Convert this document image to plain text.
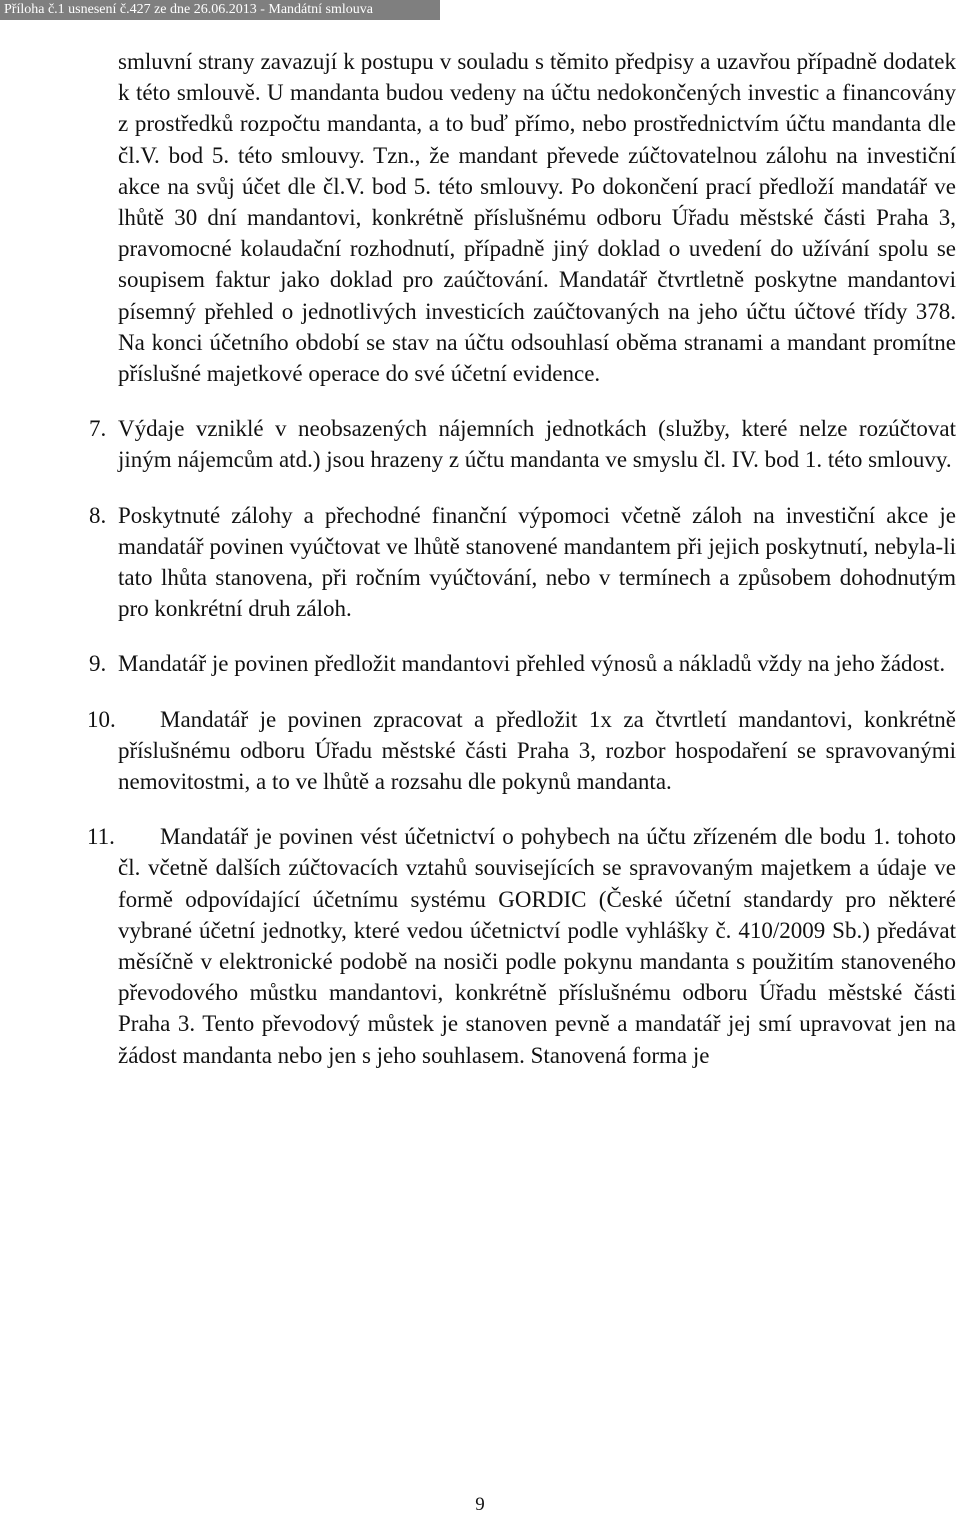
Příloha č.1 usnesení č.427 ze dne 26.06.2013 - Mandátní smlouva

smluvní strany zavazují k postupu v souladu s těmito předpisy a uzavřou případně dodatek k této smlouvě. U mandanta budou vedeny na účtu nedokončených investic a financovány z prostředků rozpočtu mandanta, a to buď přímo, nebo prostřednictvím účtu mandanta dle čl.V. bod 5. této smlouvy. Tzn., že mandant převede zúčtovatelnou zálohu na investiční akce na svůj účet dle čl.V. bod 5. této smlouvy. Po dokončení prací předloží mandatář ve lhůtě 30 dní mandantovi, konkrétně příslušnému odboru Úřadu městské části Praha 3, pravomocné kolaudační rozhodnutí, případně jiný doklad o uvedení do užívání spolu se soupisem faktur jako doklad pro zaúčtování. Mandatář čtvrtletně poskytne mandantovi písemný přehled o jednotlivých investicích zaúčtovaných na jeho účtu účtové třídy 378. Na konci účetního období se stav na účtu odsouhlasí oběma stranami a mandant promítne příslušné majetkové operace do své účetní evidence.

7. Výdaje vzniklé v neobsazených nájemních jednotkách (služby, které nelze rozúčtovat jiným nájemcům atd.) jsou hrazeny z účtu mandanta ve smyslu čl. IV. bod 1. této smlouvy.

8. Poskytnuté zálohy a přechodné finanční výpomoci včetně záloh na investiční akce je mandatář povinen vyúčtovat ve lhůtě stanovené mandantem při jejich poskytnutí, nebyla-li tato lhůta stanovena, při ročním vyúčtování, nebo v termínech a způsobem dohodnutým pro konkrétní druh záloh.

9. Mandatář je povinen předložit mandantovi přehled výnosů a nákladů vždy na jeho žádost.

10.	Mandatář je povinen zpracovat a předložit 1x za čtvrtletí mandantovi, konkrétně příslušnému odboru Úřadu městské části Praha 3, rozbor hospodaření se spravovanými nemovitostmi, a to ve lhůtě a rozsahu dle pokynů mandanta.

11.	Mandatář je povinen vést účetnictví o pohybech na účtu zřízeném dle bodu 1. tohoto čl. včetně dalších zúčtovacích vztahů souvisejících se spravovaným majetkem a údaje ve formě odpovídající účetnímu systému GORDIC (České účetní standardy pro některé vybrané účetní jednotky, které vedou účetnictví podle vyhlášky č. 410/2009 Sb.) předávat měsíčně v elektronické podobě na nosiči podle pokynu mandanta s použitím stanoveného převodového můstku mandantovi, konkrétně příslušnému odboru Úřadu městské části Praha 3. Tento převodový můstek je stanoven pevně a mandatář jej smí upravovat jen na žádost mandanta nebo jen s jeho souhlasem. Stanovená forma je

9
